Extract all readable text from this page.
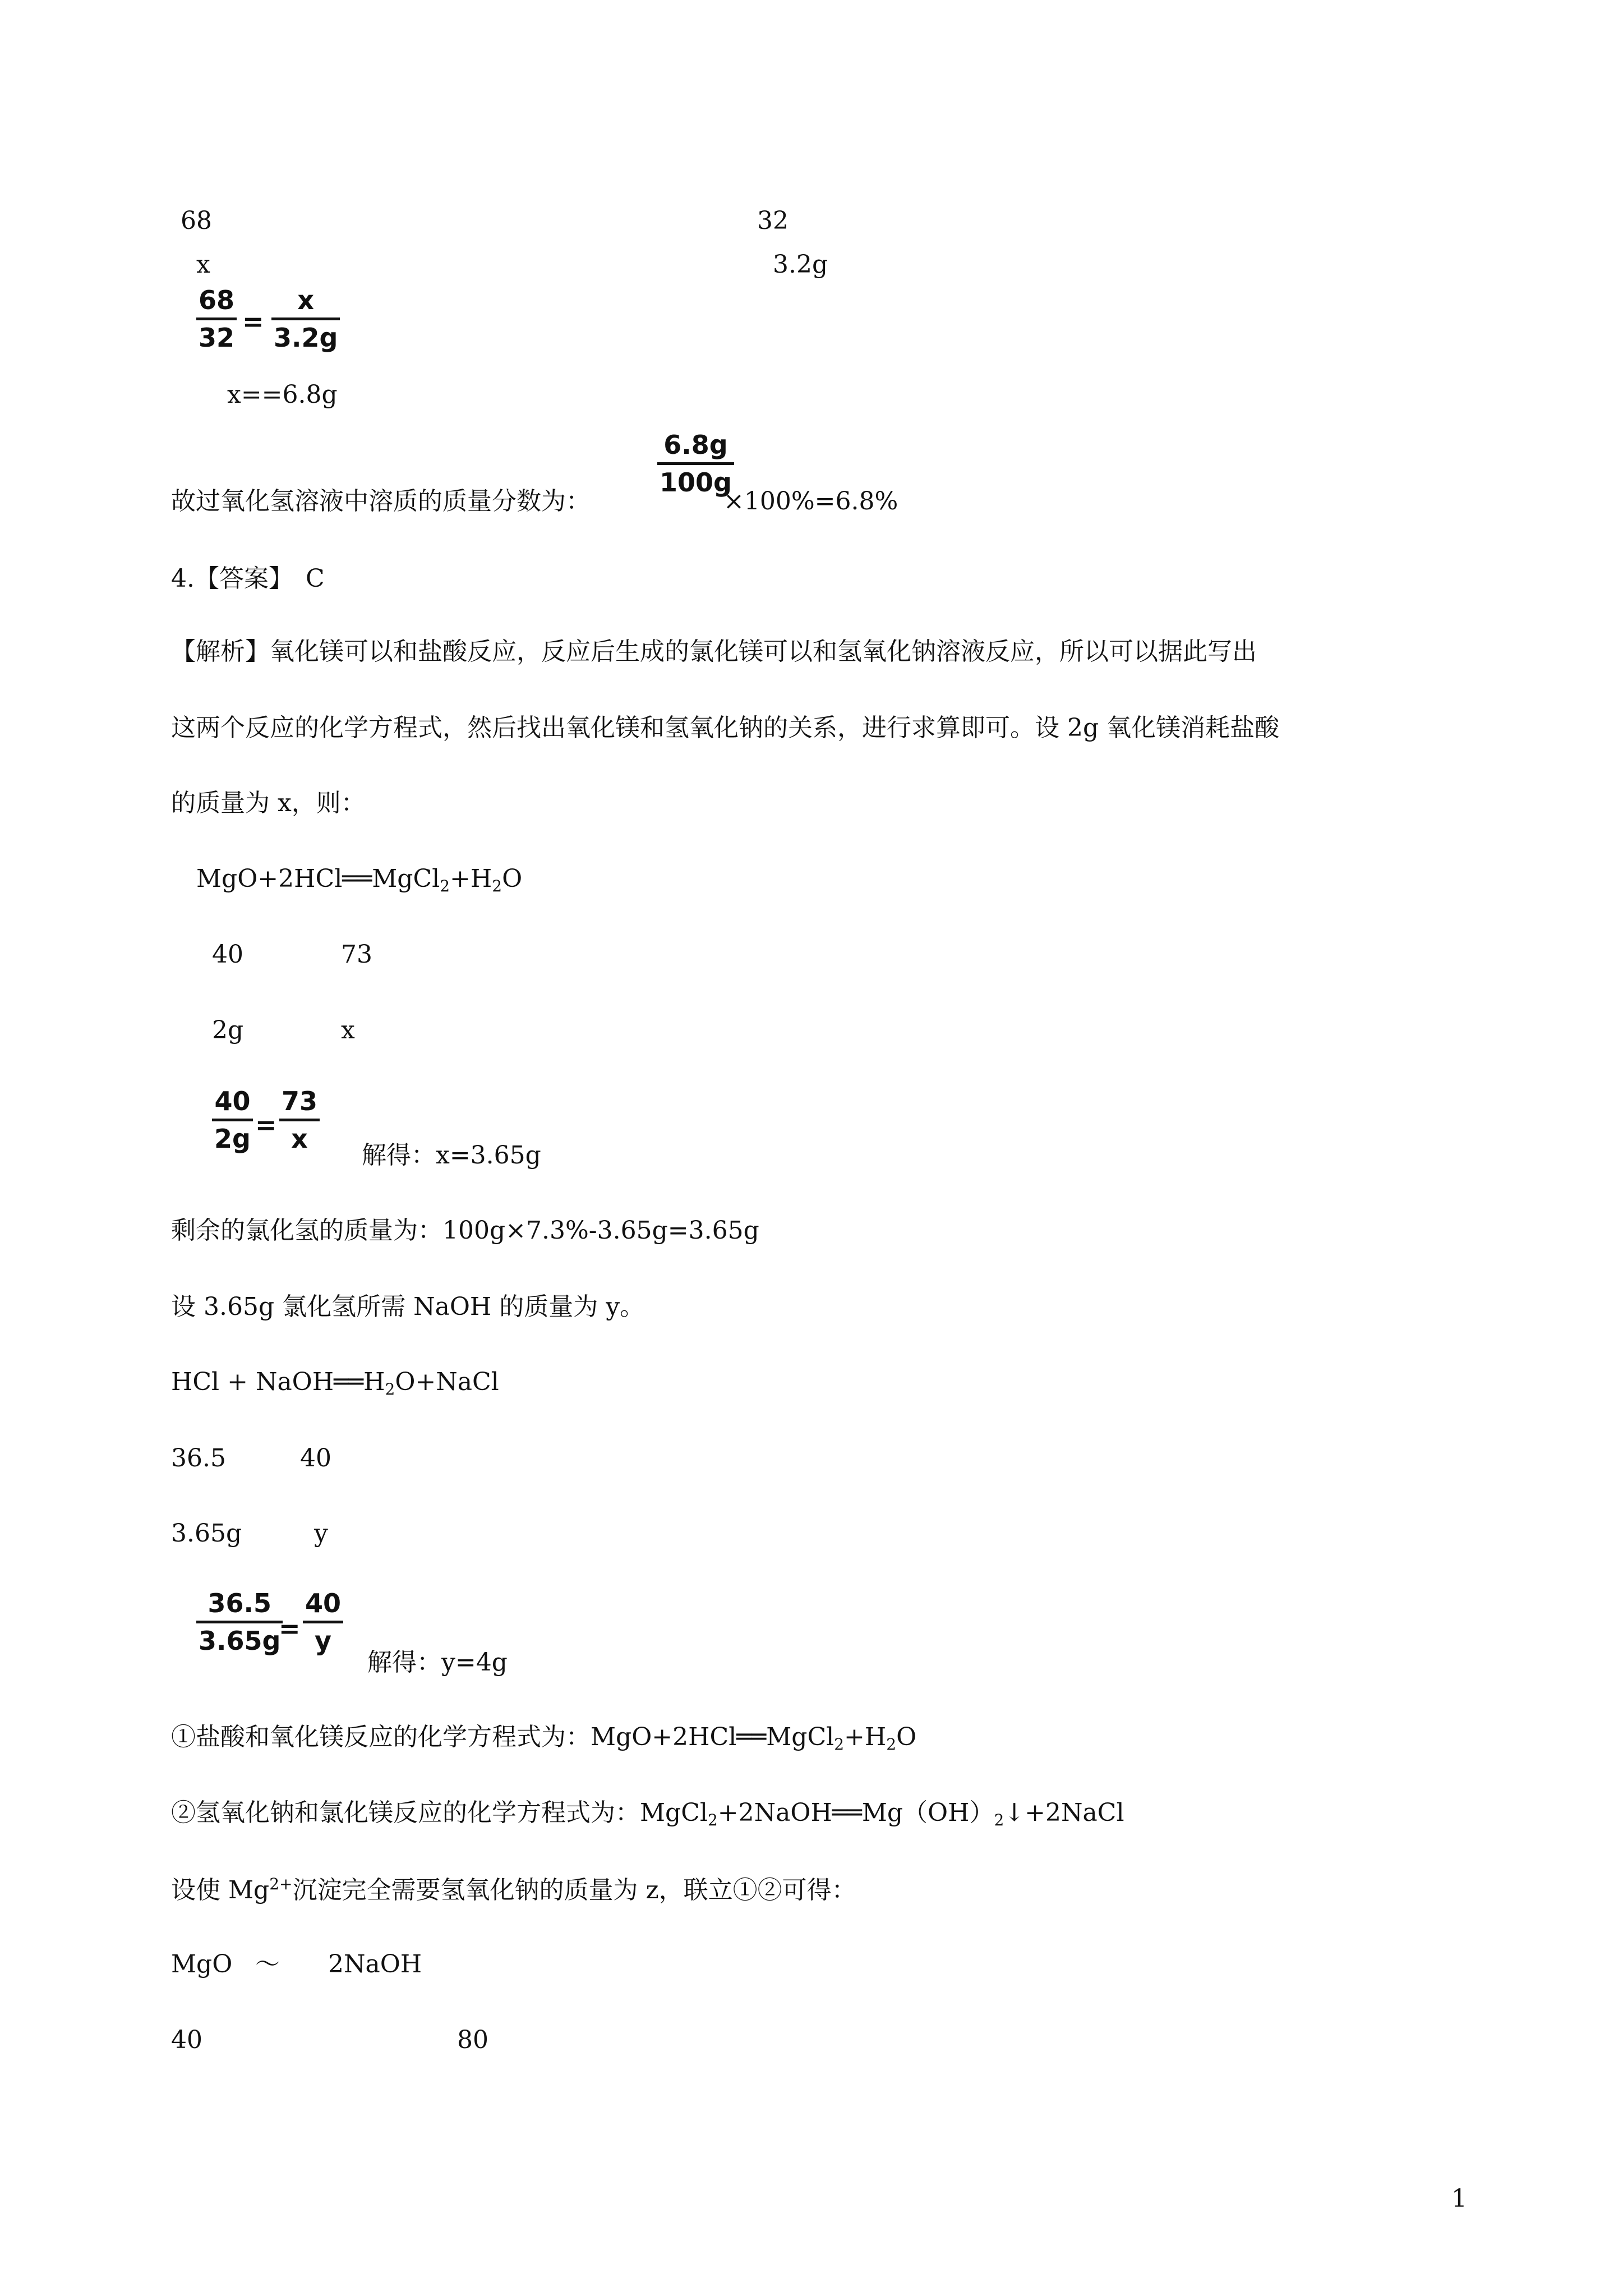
68	32
x	3.2g
68
32
=
x
3.2g
x==6.8g
6.8g
100g
故过氧化氢溶液中溶质的质量分数为：	×100%=6.8%
4.【答案】　C
【解析】氧化镁可以和盐酸反应，反应后生成的氯化镁可以和氢氧化钠溶液反应，所以可以据此写出
这两个反应的化学方程式，然后找出氧化镁和氢氧化钠的关系，进行求算即可。设 2g 氧化镁消耗盐酸
的质量为 x，则：
$MgO+2HCl══MgCl_2+H_2O$
40	73
2g	x
40
2g =
73
x
解得：x=3.65g
剩余的氯化氢的质量为：100g×7.3%-3.65g=3.65g
设 3.65g 氯化氢所需 NaOH 的质量为 y。
HCl + $NaOH══H_2O+NaCl$
36.5	40
3.65g	y
36.5
3.65g
=
40
y
解得：y=4g
①盐酸和氧化镁反应的化学方程式为：$MgO+2HCl══MgCl_2+H_2O$
②氢氧化钠和氯化镁反应的化学方程式为：$MgCl_2+2NaOH══Mg(OH)_2↓+2NaCl$
设使 $Mg^{2+}$沉淀完全需要氢氧化钠的质量为 z，联立①②可得：
MgO ～ 2NaOH
40	80
1
